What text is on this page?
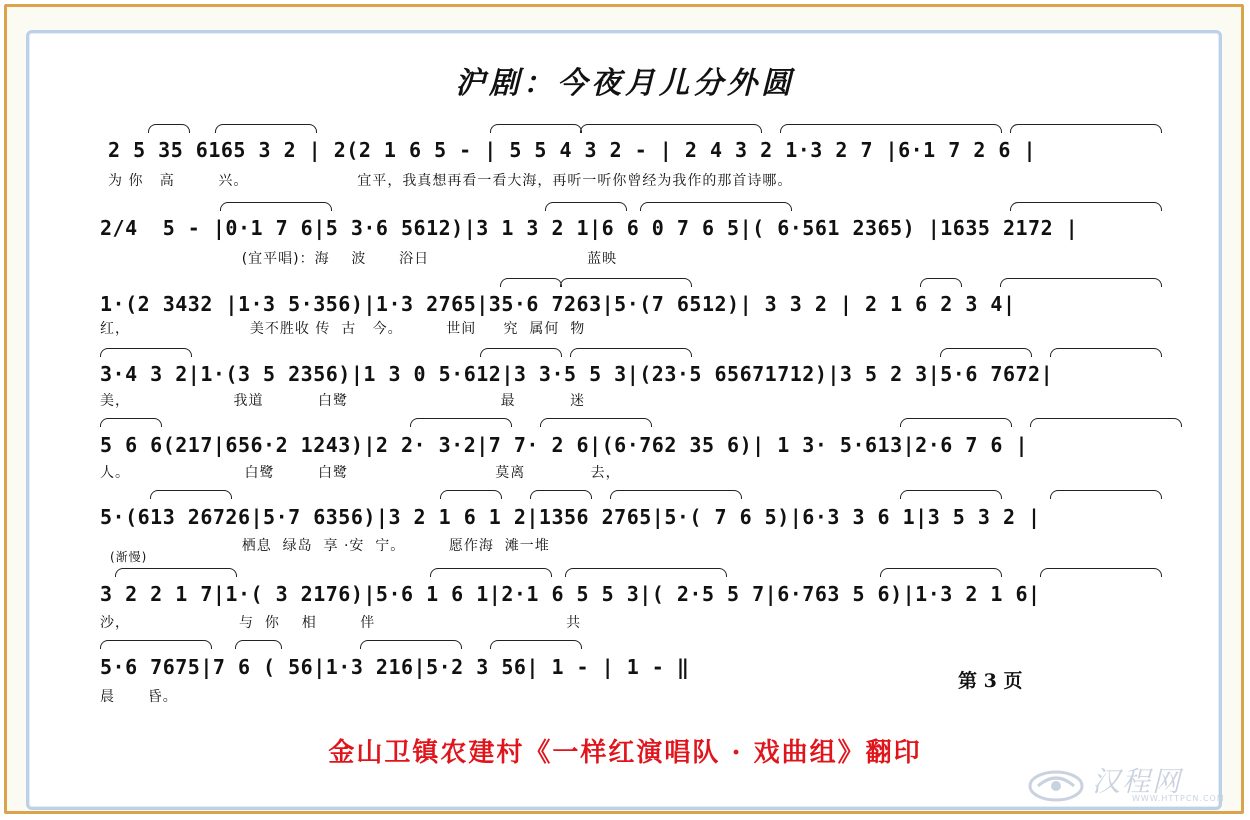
沪剧：今夜月儿分外圆
2 5 35 6165 3 2 | 2(2 1 6 5 - | 5 5 4 3 2 - | 2 4 3 2 1·3 2 7 |6·1 7 2 6 |
为 你   高        兴。                    宜平，我真想再看一看大海，再听一听你曾经为我作的那首诗哪。
2/4  5 - |0·1 7 6|5 3·6 5612)|3 1 3 2 1|6 6 0 7 6 5|( 6·561 2365) |1635 2172 |
(宜平唱)：海    波      浴日                             蓝映
1·(2 3432 |1·3 5·356)|1·3 2765|35·6 7263|5·(7 6512)| 3 3 2 | 2 1 6 2 3 4|
红，                      美不胜收 传  古   今。        世间     究  属何  物
3·4 3 2|1·(3 5 2356)|1 3 0 5·612|3 3·5 5 3|(23·5 65671712)|3 5 2 3|5·6 7672|
美，                   我道          白鹭                            最          迷
5 6 6(217|656·2 1243)|2 2· 3·2|7 7· 2 6|(6·762 35 6)| 1 3· 5·613|2·6 7 6 |
人。                     白鹭        白鹭                           莫离            去，
5·(613 26726|5·7 6356)|3 2 1 6 1 2|1356 2765|5·( 7 6 5)|6·3 3 6 1|3 5 3 2 |
栖息  绿岛  享 ·安  宁。        愿作海  滩一堆
(渐慢)
3 2 2 1 7|1·( 3 2176)|5·6 1 6 1|2·1 6 5 5 3|( 2·5 5 7|6·763 5 6)|1·3 2 1 6|
沙，                    与  你    相        伴                                   共
5·6 7675|7 6 ( 56|1·3 216|5·2 3 56| 1 - | 1 - ‖
晨      昏。
第 3 页
金山卫镇农建村《一样红演唱队 · 戏曲组》翻印
汉程网
WWW.HTTPCN.COM
